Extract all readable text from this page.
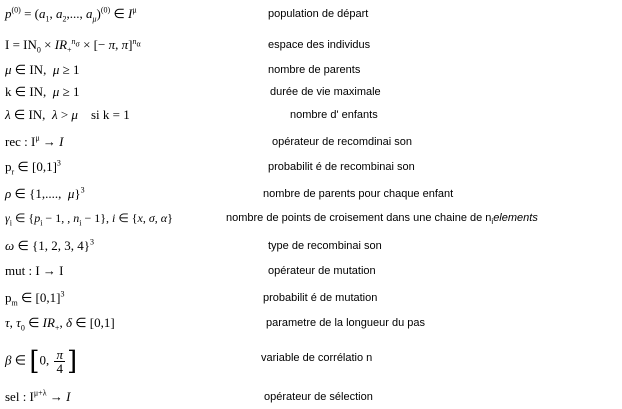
$p^{(0)} = (a_1$, $a_2$,..., $a_\mu)^{(0)}$ ∈ $I^\mu$	population de départ
$I = IN_0 \times IR_+^{n_\sigma}$ × [− π, π]$^{n_\alpha}$	espace des individus
μ ∈ IN,  μ ≥ 1	nombre de parents
k ∈ IN,  μ ≥ 1	durée de vie maximale
λ ∈ IN,  λ > μ    si k = 1	nombre d' enfants
rec : $I^\mu \to I$	opérateur de recomdinai son
$p_r$ ∈ $[0,1]^3$	probabilit é de recombinai son
ρ ∈ {1,....,  μ}$^3$	nombre de parents pour chaque enfant
$\gamma_i$ ∈ {$p_i - 1$, , $n_i - 1$}, i ∈ {x, σ, α}	nombre de points de croisement dans une chaine de $n_ielements$
ω ∈ {1, 2, 3, 4}$^3$	type de recombinai son
mut : I → I	opérateur de mutation
$p_m$ ∈ $[0,1]^3$	probabilit é de mutation
τ, $\tau_0$ ∈ $IR_+$, δ ∈ [0,1]	parametre de la longueur du pas
β ∈ [0, $\frac{\pi}{4}$ ]	variable de corrélatio n
sel : $I^{\mu+\lambda} \to I$	opérateur de sélection
